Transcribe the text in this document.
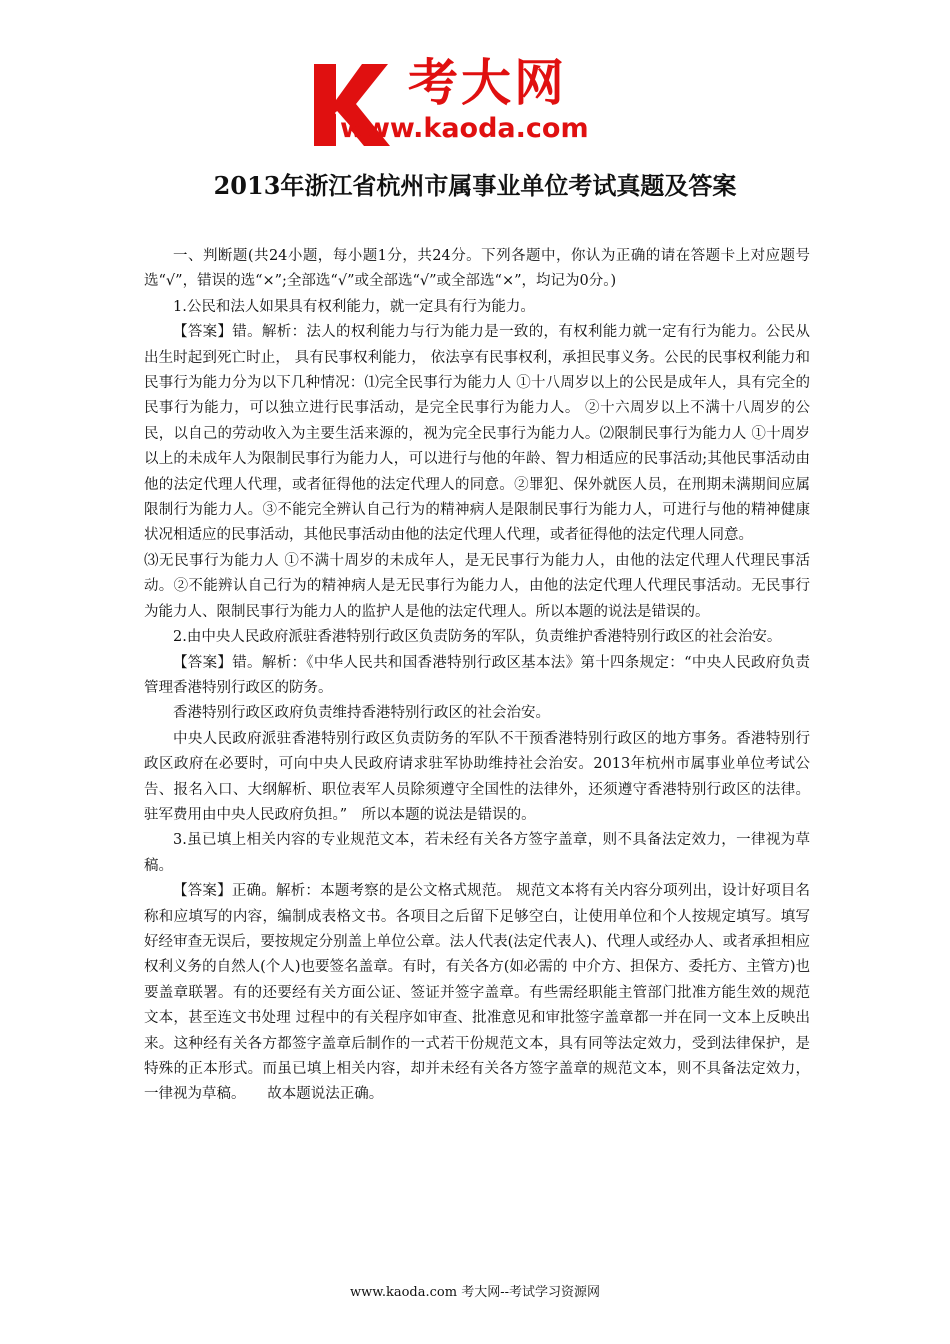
考大网
www.kaoda.com
2013年浙江省杭州市属事业单位考试真题及答案

一、判断题(共24小题，每小题1分，共24分。下列各题中，你认为正确的请在答题卡上对应题号选“√”，错误的选“×”;全部选“√”或全部选“√”或全部选“×”，均记为0分。)

1.公民和法人如果具有权利能力，就一定具有行为能力。

【答案】错。解析：法人的权利能力与行为能力是一致的，有权利能力就一定有行为能力。公民从出生时起到死亡时止， 具有民事权利能力， 依法享有民事权利，承担民事义务。公民的民事权利能力和民事行为能力分为以下几种情况：⑴完全民事行为能力人 ①十八周岁以上的公民是成年人，具有完全的民事行为能力，可以独立进行民事活动，是完全民事行为能力人。 ②十六周岁以上不满十八周岁的公民，以自己的劳动收入为主要生活来源的，视为完全民事行为能力人。⑵限制民事行为能力人 ①十周岁以上的未成年人为限制民事行为能力人，可以进行与他的年龄、智力相适应的民事活动;其他民事活动由他的法定代理人代理，或者征得他的法定代理人的同意。②罪犯、保外就医人员，在刑期未满期间应属限制行为能力人。③不能完全辨认自己行为的精神病人是限制民事行为能力人，可进行与他的精神健康状况相适应的民事活动，其他民事活动由他的法定代理人代理，或者征得他的法定代理人同意。

⑶无民事行为能力人 ①不满十周岁的未成年人，是无民事行为能力人，由他的法定代理人代理民事活动。②不能辨认自己行为的精神病人是无民事行为能力人，由他的法定代理人代理民事活动。无民事行为能力人、限制民事行为能力人的监护人是他的法定代理人。所以本题的说法是错误的。

2.由中央人民政府派驻香港特别行政区负责防务的军队，负责维护香港特别行政区的社会治安。

【答案】错。解析：《中华人民共和国香港特别行政区基本法》第十四条规定：“中央人民政府负责管理香港特别行政区的防务。

香港特别行政区政府负责维持香港特别行政区的社会治安。

中央人民政府派驻香港特别行政区负责防务的军队不干预香港特别行政区的地方事务。香港特别行政区政府在必要时，可向中央人民政府请求驻军协助维持社会治安。2013年杭州市属事业单位考试公告、报名入口、大纲解析、职位表军人员除须遵守全国性的法律外，还须遵守香港特别行政区的法律。驻军费用由中央人民政府负担。”　所以本题的说法是错误的。

3.虽已填上相关内容的专业规范文本，若未经有关各方签字盖章，则不具备法定效力，一律视为草稿。

【答案】正确。解析：本题考察的是公文格式规范。 规范文本将有关内容分项列出，设计好项目名称和应填写的内容，编制成表格文书。各项目之后留下足够空白，让使用单位和个人按规定填写。填写好经审查无误后，要按规定分别盖上单位公章。法人代表(法定代表人)、代理人或经办人、或者承担相应权利义务的自然人(个人)也要签名盖章。有时，有关各方(如必需的 中介方、担保方、委托方、主管方)也要盖章联署。有的还要经有关方面公证、签证并签字盖章。有些需经职能主管部门批准方能生效的规范文本，甚至连文书处理 过程中的有关程序如审查、批准意见和审批签字盖章都一并在同一文本上反映出来。这种经有关各方都签字盖章后制作的一式若干份规范文本，具有同等法定效力，受到法律保护，是特殊的正本形式。而虽已填上相关内容，却并未经有关各方签字盖章的规范文本，则不具备法定效力，一律视为草稿。　　故本题说法正确。

www.kaoda.com 考大网--考试学习资源网
